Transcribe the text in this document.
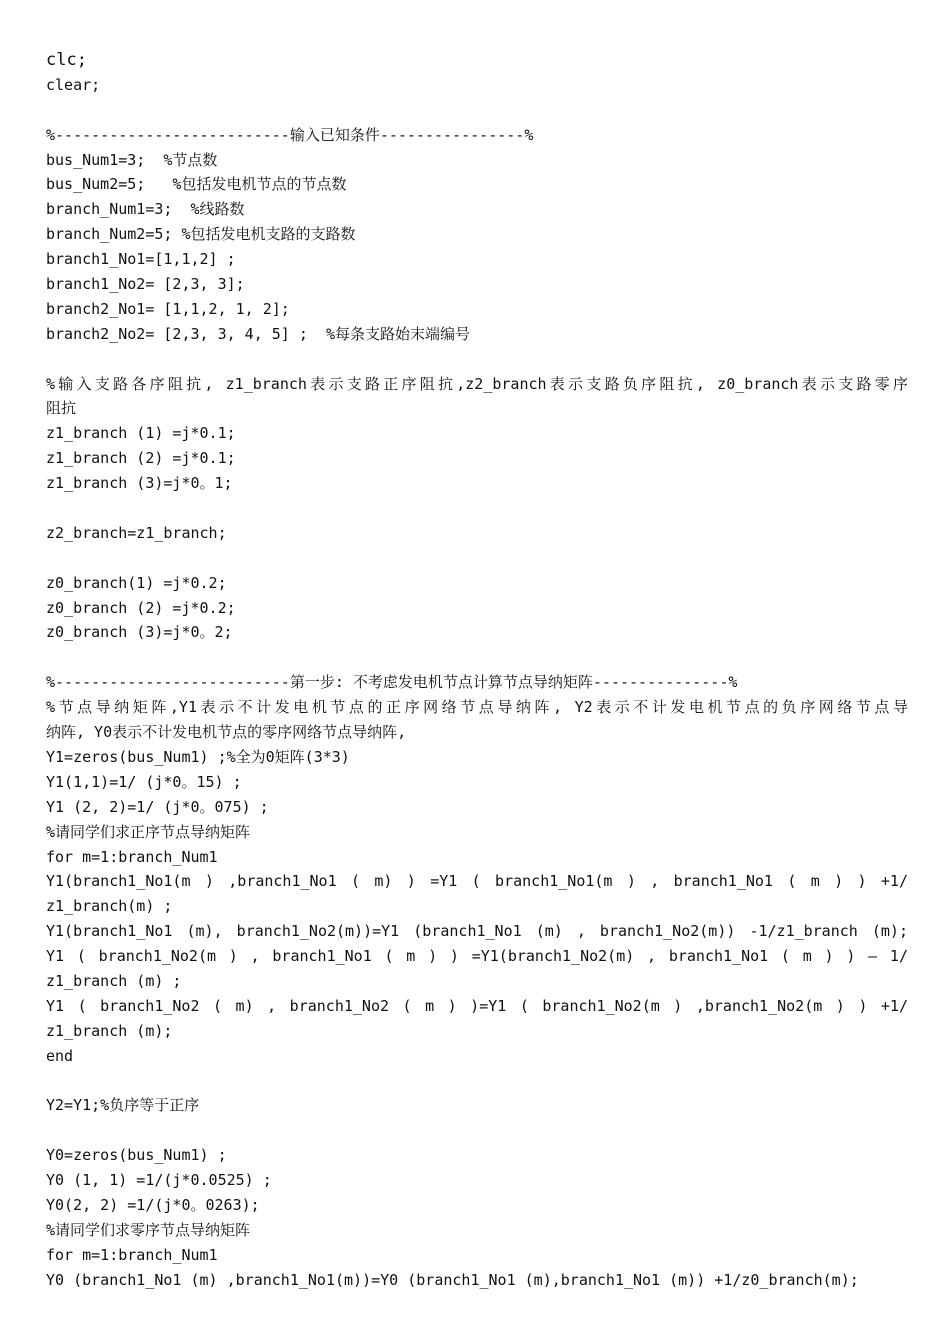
clc;
clear;
%--------------------------输入已知条件----------------%
bus_Num1=3;  %节点数
bus_Num2=5;   %包括发电机节点的节点数
branch_Num1=3;  %线路数
branch_Num2=5; %包括发电机支路的支路数
branch1_No1=[1,1,2] ;
branch1_No2= [2,3, 3];
branch2_No1= [1,1,2, 1, 2];
branch2_No2= [2,3, 3, 4, 5] ;  %每条支路始末端编号
%输入支路各序阻抗, z1_branch表示支路正序阻抗,z2_branch表示支路负序阻抗, z0_branch表示支路零序
阻抗
z1_branch (1) =j*0.1;
z1_branch (2) =j*0.1;
z1_branch (3)=j*0。1;
z2_branch=z1_branch;
z0_branch(1) =j*0.2;
z0_branch (2) =j*0.2;
z0_branch (3)=j*0。2;
%--------------------------第一步: 不考虑发电机节点计算节点导纳矩阵---------------%
%节点导纳矩阵,Y1表示不计发电机节点的正序网络节点导纳阵, Y2表示不计发电机节点的负序网络节点导
纳阵, Y0表示不计发电机节点的零序网络节点导纳阵,
Y1=zeros(bus_Num1) ;%全为0矩阵(3*3)
Y1(1,1)=1/ (j*0。15) ;
Y1 (2, 2)=1/ (j*0。075) ;
%请同学们求正序节点导纳矩阵
for m=1:branch_Num1
Y1(branch1_No1(m ) ,branch1_No1 ( m) ) =Y1 ( branch1_No1(m ) , branch1_No1 ( m ) ) +1/
z1_branch(m) ;
Y1(branch1_No1 (m), branch1_No2(m))=Y1 (branch1_No1 (m) , branch1_No2(m)) -1/z1_branch (m);
Y1 ( branch1_No2(m ) , branch1_No1 ( m ) ) =Y1(branch1_No2(m) , branch1_No1 ( m ) ) — 1/
z1_branch (m) ;
Y1 ( branch1_No2 ( m) , branch1_No2 ( m ) )=Y1 ( branch1_No2(m ) ,branch1_No2(m ) ) +1/
z1_branch (m);
end
Y2=Y1;%负序等于正序
Y0=zeros(bus_Num1) ;
Y0 (1, 1) =1/(j*0.0525) ;
Y0(2, 2) =1/(j*0。0263);
%请同学们求零序节点导纳矩阵
for m=1:branch_Num1
Y0 (branch1_No1 (m) ,branch1_No1(m))=Y0 (branch1_No1 (m),branch1_No1 (m)) +1/z0_branch(m);
